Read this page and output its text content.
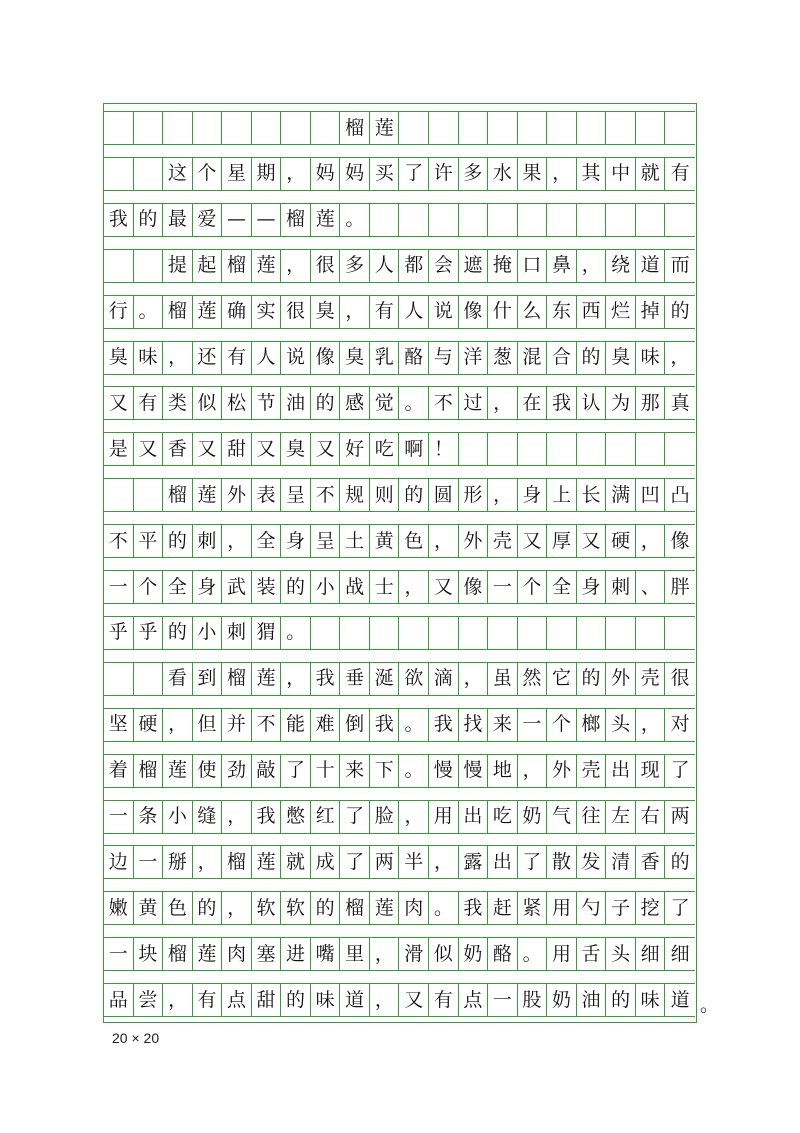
榴 莲
这 个 星 期 ， 妈 妈 买 了 许 多 水 果 ， 其 中 就 有
我 的 最 爱 — — 榴 莲 。
提 起 榴 莲 ， 很 多 人 都 会 遮 掩 口 鼻 ， 绕 道 而
行 。 榴 莲 确 实 很 臭 ， 有 人 说 像 什 么 东 西 烂 掉 的
臭 味 ， 还 有 人 说 像 臭 乳 酪 与 洋 葱 混 合 的 臭 味 ，
又 有 类 似 松 节 油 的 感 觉 。 不 过 ， 在 我 认 为 那 真
是 又 香 又 甜 又 臭 又 好 吃 啊 ！
榴 莲 外 表 呈 不 规 则 的 圆 形 ， 身 上 长 满 凹 凸
不 平 的 刺 ， 全 身 呈 土 黄 色 ， 外 壳 又 厚 又 硬 ， 像
一 个 全 身 武 装 的 小 战 士 ， 又 像 一 个 全 身 刺 、 胖
乎 乎 的 小 刺 猬 。
看 到 榴 莲 ， 我 垂 涎 欲 滴 ， 虽 然 它 的 外 壳 很
坚 硬 ， 但 并 不 能 难 倒 我 。 我 找 来 一 个 榔 头 ， 对
着 榴 莲 使 劲 敲 了 十 来 下 。 慢 慢 地 ， 外 壳 出 现 了
一 条 小 缝 ， 我 憋 红 了 脸 ， 用 出 吃 奶 气 往 左 右 两
边 一 掰 ， 榴 莲 就 成 了 两 半 ， 露 出 了 散 发 清 香 的
嫩 黄 色 的 ， 软 软 的 榴 莲 肉 。 我 赶 紧 用 勺 子 挖 了
一 块 榴 莲 肉 塞 进 嘴 里 ， 滑 似 奶 酪 。 用 舌 头 细 细
品 尝 ， 有 点 甜 的 味 道 ， 又 有 点 一 股 奶 油 的 味 道 。
20 × 20
